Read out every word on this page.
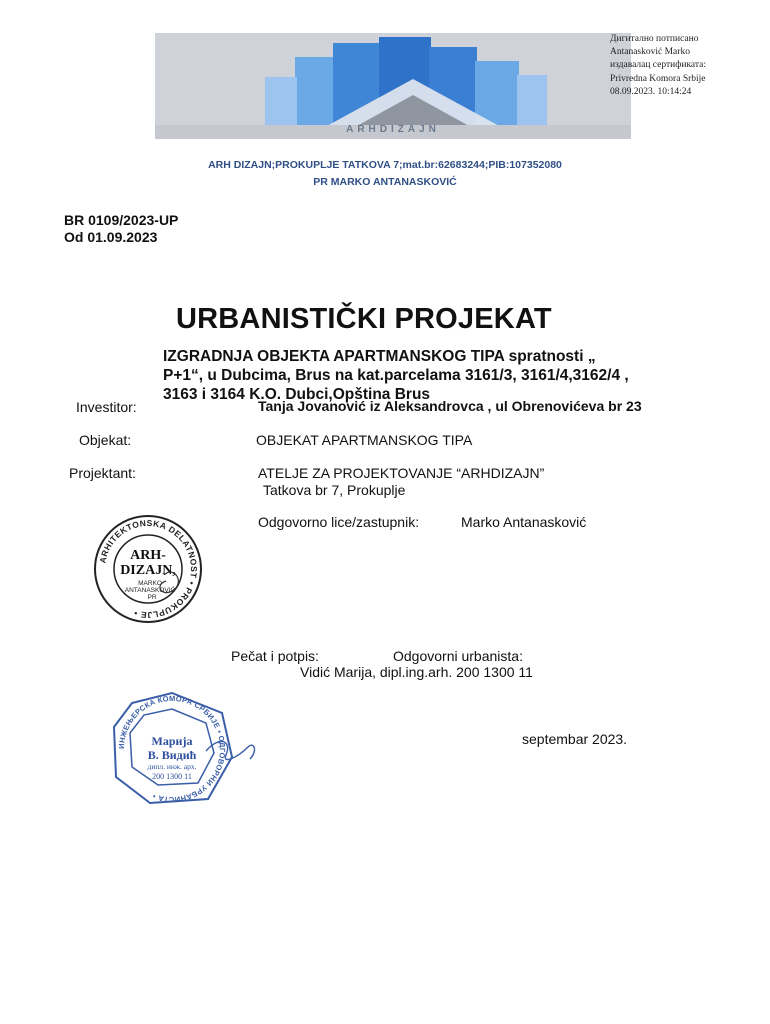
ARHDIZAJN
Дигитално потписано
Antanasković Marko
издавалац сертификата:
Privredna Komora Srbije
08.09.2023. 10:14:24
ARH DIZAJN;PROKUPLJE TATKOVA 7;mat.br:62683244;PIB:107352080
PR MARKO ANTANASKOVIĆ
BR 0109/2023-UP
Od 01.09.2023
URBANISTIČKI PROJEKAT
IZGRADNJA OBJEKTA APARTMANSKOG TIPA spratnosti „
P+1“, u Dubcima, Brus na kat.parcelama 3161/3, 3161/4,3162/4 ,
3163 i 3164 K.O. Dubci,Opština Brus
Investitor:	Tanja Jovanović iz Aleksandrovca , ul Obrenovićeva br 23
Objekat:	OBJEKAT APARTMANSKOG TIPA
Projektant:	ATELJE ZA PROJEKTOVANJE “ARHDIZAJN”
Tatkova br 7, Prokuplje
Odgovorno lice/zastupnik:	Marko Antanasković
ARHITEKTONSKA DELATNOST • PROKUPLJE •
ARH-
DIZAJN,
MARKO
ANTANASKOVIĆ
PR
Pečat i potpis:	Odgovorni urbanista:
Vidić Marija, dipl.ing.arh. 200 1300 11
ИНЖЕЊЕРСКА КОМОРА СРБИЈЕ • ОДГОВОРНИ УРБАНИСТА •
Марија
В. Видић
дипл. инж. арх.
200 1300 11
septembar 2023.
